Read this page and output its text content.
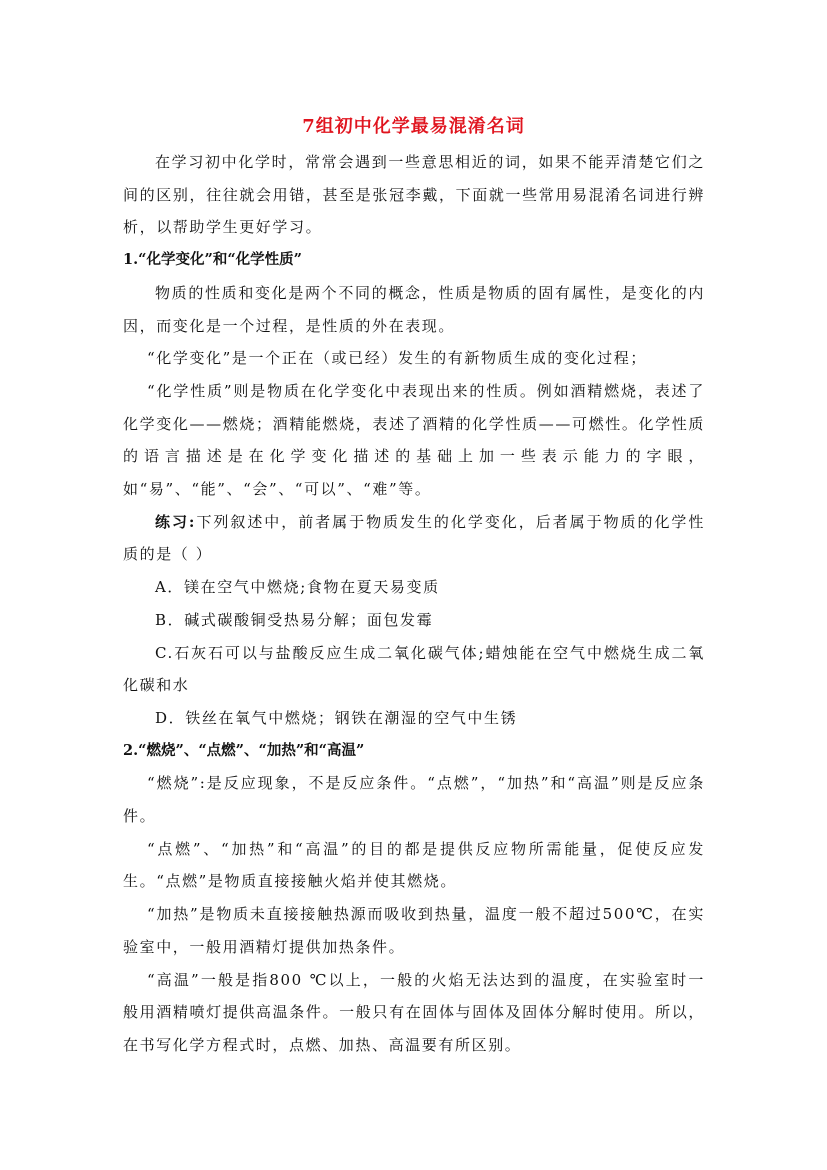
7组初中化学最易混淆名词

在学习初中化学时，常常会遇到一些意思相近的词，如果不能弄清楚它们之间的区别，往往就会用错，甚至是张冠李戴，下面就一些常用易混淆名词进行辨析，以帮助学生更好学习。

1.“化学变化”和“化学性质”

物质的性质和变化是两个不同的概念，性质是物质的固有属性，是变化的内因，而变化是一个过程，是性质的外在表现。

“化学变化”是一个正在（或已经）发生的有新物质生成的变化过程；

“化学性质”则是物质在化学变化中表现出来的性质。例如酒精燃烧，表述了化学变化——燃烧；酒精能燃烧，表述了酒精的化学性质——可燃性。化学性质的语言描述是在化学变化描述的基础上加一些表示能力的字眼，如“易”、“能”、“会”、“可以”、“难”等。

练习:下列叙述中，前者属于物质发生的化学变化，后者属于物质的化学性质的是（ ）

A．镁在空气中燃烧;食物在夏天易变质

B．碱式碳酸铜受热易分解；面包发霉

C.石灰石可以与盐酸反应生成二氧化碳气体;蜡烛能在空气中燃烧生成二氧化碳和水

D．铁丝在氧气中燃烧；钢铁在潮湿的空气中生锈

2.“燃烧”、“点燃”、“加热”和“高温”

“燃烧”:是反应现象，不是反应条件。“点燃”，“加热”和“高温”则是反应条件。

“点燃”、“加热”和“高温”的目的都是提供反应物所需能量，促使反应发生。“点燃”是物质直接接触火焰并使其燃烧。

“加热”是物质未直接接触热源而吸收到热量，温度一般不超过500℃，在实验室中，一般用酒精灯提供加热条件。

“高温”一般是指800 ℃以上，一般的火焰无法达到的温度，在实验室时一般用酒精喷灯提供高温条件。一般只有在固体与固体及固体分解时使用。所以，在书写化学方程式时，点燃、加热、高温要有所区别。
